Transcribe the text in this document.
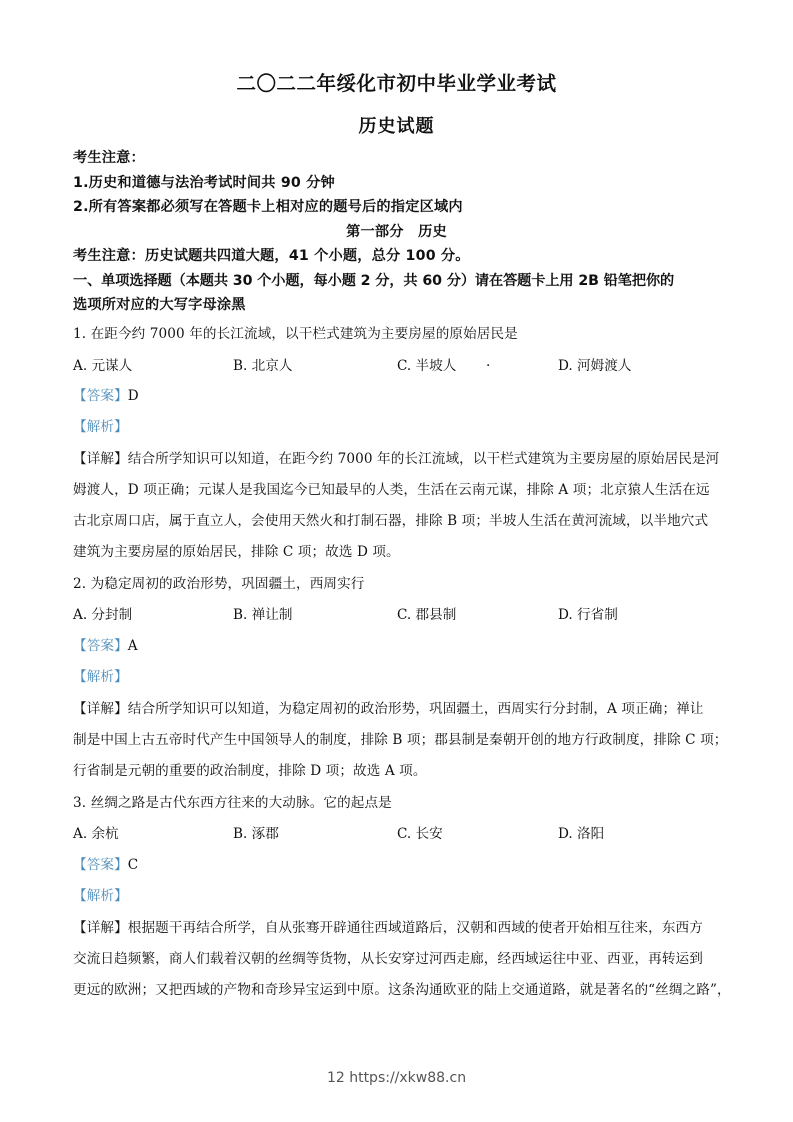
二〇二二年绥化市初中毕业学业考试
历史试题
考生注意：
1.历史和道德与法治考试时间共 90 分钟
2.所有答案都必须写在答题卡上相对应的题号后的指定区域内
第一部分　历史
考生注意：历史试题共四道大题，41 个小题，总分 100 分。
一、单项选择题（本题共 30 个小题，每小题 2 分，共 60 分）请在答题卡上用 2B 铅笔把你的
选项所对应的大写字母涂黑
1. 在距今约 7000 年的长江流域，以干栏式建筑为主要房屋的原始居民是
A. 元谋人	B. 北京人	C. 半坡人 .	D. 河姆渡人
【答案】D
【解析】
【详解】结合所学知识可以知道，在距今约 7000 年的长江流域，以干栏式建筑为主要房屋的原始居民是河
姆渡人，D 项正确；元谋人是我国迄今已知最早的人类，生活在云南元谋，排除 A 项；北京猿人生活在远
古北京周口店，属于直立人，会使用天然火和打制石器，排除 B 项；半坡人生活在黄河流域，以半地穴式
建筑为主要房屋的原始居民，排除 C 项；故选 D 项。
2. 为稳定周初的政治形势，巩固疆土，西周实行
A. 分封制	B. 禅让制	C. 郡县制	D. 行省制
【答案】A
【解析】
【详解】结合所学知识可以知道，为稳定周初的政治形势，巩固疆土，西周实行分封制，A 项正确；禅让
制是中国上古五帝时代产生中国领导人的制度，排除 B 项；郡县制是秦朝开创的地方行政制度，排除 C 项；
行省制是元朝的重要的政治制度，排除 D 项；故选 A 项。
3. 丝绸之路是古代东西方往来的大动脉。它的起点是
A. 余杭	B. 涿郡	C. 长安	D. 洛阳
【答案】C
【解析】
【详解】根据题干再结合所学，自从张骞开辟通往西域道路后，汉朝和西域的使者开始相互往来，东西方
交流日趋频繁，商人们载着汉朝的丝绸等货物，从长安穿过河西走廊，经西域运往中亚、西亚，再转运到
更远的欧洲；又把西域的产物和奇珍异宝运到中原。这条沟通欧亚的陆上交通道路，就是著名的“丝绸之路”，
12 https://xkw88.cn
